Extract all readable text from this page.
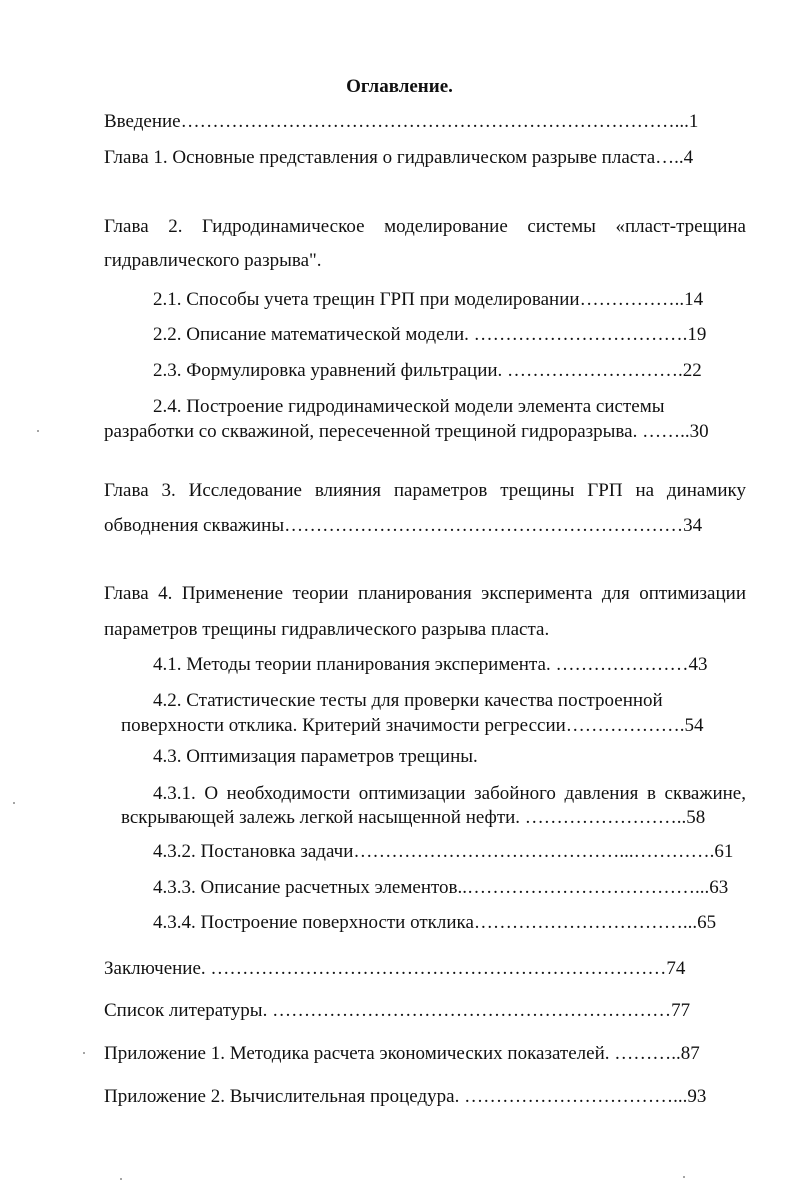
Оглавление.
Введение……………………………………………………………………...1
Глава 1. Основные представления о гидравлическом разрыве пласта…..4
Глава 2. Гидродинамическое моделирование системы «пласт-трещина
гидравлического разрыва".
2.1. Способы учета трещин ГРП при моделировании……………..14
2.2. Описание математической модели. …………………………….19
2.3. Формулировка уравнений фильтрации. ……………………….22
2.4. Построение гидродинамической модели элемента системы
разработки со скважиной, пересеченной трещиной гидроразрыва. ……..30
Глава 3. Исследование влияния параметров трещины ГРП на динамику
обводнения скважины………………………………………………………34
Глава 4. Применение теории планирования эксперимента для оптимизации
параметров трещины гидравлического разрыва пласта.
4.1. Методы теории планирования эксперимента. …………………43
4.2. Статистические тесты для проверки качества построенной
поверхности отклика. Критерий значимости регрессии……………….54
4.3. Оптимизация параметров трещины.
4.3.1. О необходимости оптимизации забойного давления в скважине,
вскрывающей залежь легкой насыщенной нефти. ……………………..58
4.3.2. Постановка задачи……………………………………...………….61
4.3.3. Описание расчетных элементов..………………………………...63
4.3.4. Построение поверхности отклика……………………………...65
Заключение. ………………………………………………………………74
Список литературы. ………………………………………………………77
Приложение 1. Методика расчета экономических показателей. ………..87
Приложение 2. Вычислительная процедура. ……………………………...93
